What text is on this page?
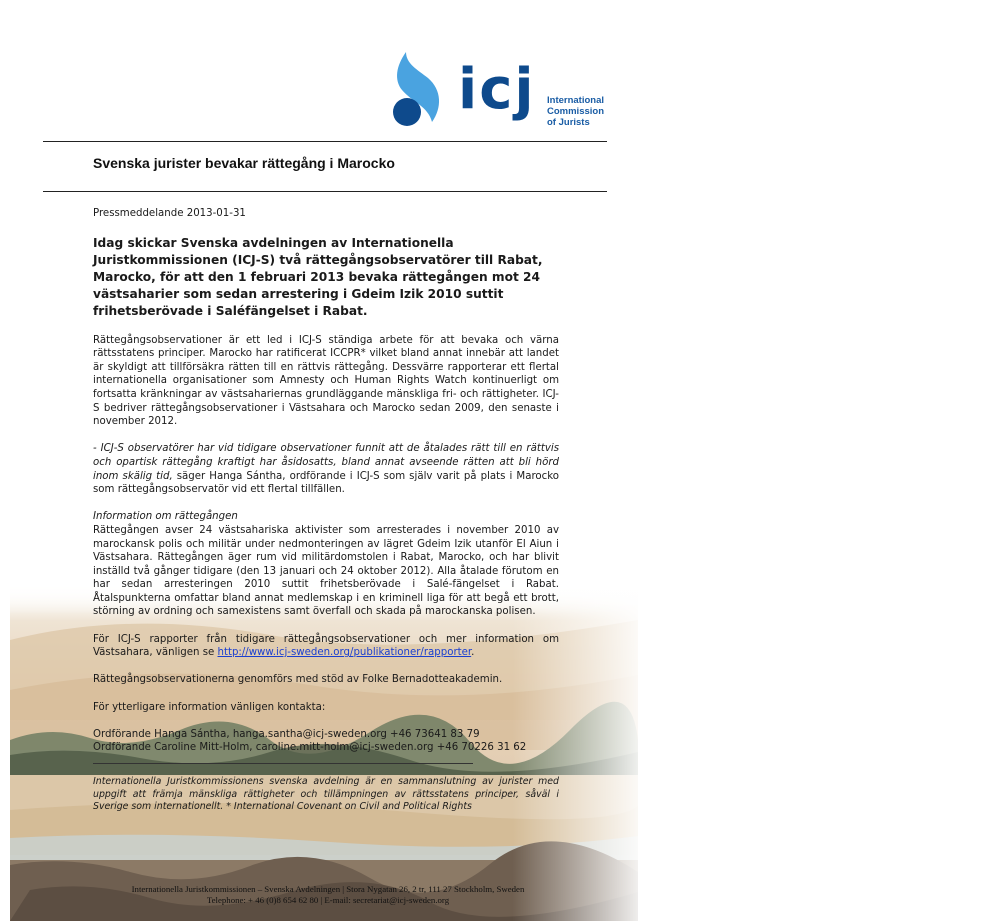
icj International
Commission
of Jurists
Svenska jurister bevakar rättegång i Marocko

Pressmeddelande 2013-01-31

Idag skickar Svenska avdelningen av Internationella Juristkommissionen (ICJ-S) två rättegångsobservatörer till Rabat, Marocko, för att den 1 februari 2013 bevaka rättegången mot 24 västsaharier som sedan arrestering i Gdeim Izik 2010 suttit frihetsberövade i Saléfängelset i Rabat.

Rättegångsobservationer är ett led i ICJ-S ständiga arbete för att bevaka och värna rättsstatens principer. Marocko har ratificerat ICCPR* vilket bland annat innebär att landet är skyldigt att tillförsäkra rätten till en rättvis rättegång. Dessvärre rapporterar ett flertal internationella organisationer som Amnesty och Human Rights Watch kontinuerligt om fortsatta kränkningar av västsahariernas grundläggande mänskliga fri- och rättigheter. ICJ-S bedriver rättegångsobservationer i Västsahara och Marocko sedan 2009, den senaste i november 2012.

- ICJ-S observatörer har vid tidigare observationer funnit att de åtalades rätt till en rättvis och opartisk rättegång kraftigt har åsidosatts, bland annat avseende rätten att bli hörd inom skälig tid, säger Hanga Sántha, ordförande i ICJ-S som själv varit på plats i Marocko som rättegångsobservatör vid ett flertal tillfällen.

Information om rättegången
Rättegången avser 24 västsahariska aktivister som arresterades i november 2010 av marockansk polis och militär under nedmonteringen av lägret Gdeim Izik utanför El Aiun i Västsahara. Rättegången äger rum vid militärdomstolen i Rabat, Marocko, och har blivit inställd två gånger tidigare (den 13 januari och 24 oktober 2012). Alla åtalade förutom en har sedan arresteringen 2010 suttit frihetsberövade i Salé-fängelset i Rabat. Åtalspunkterna omfattar bland annat medlemskap i en kriminell liga för att begå ett brott, störning av ordning och samexistens samt överfall och skada på marockanska polisen.

För ICJ-S rapporter från tidigare rättegångsobservationer och mer information om Västsahara, vänligen se http://www.icj-sweden.org/publikationer/rapporter.

Rättegångsobservationerna genomförs med stöd av Folke Bernadotteakademin.

För ytterligare information vänligen kontakta:

Ordförande Hanga Sántha, hanga.santha@icj-sweden.org +46 73641 83 79

Ordförande Caroline Mitt-Holm, caroline.mitt-holm@icj-sweden.org +46 70226 31 62

Internationella Juristkommissionens svenska avdelning är en sammanslutning av jurister med uppgift att främja mänskliga rättigheter och tillämpningen av rättsstatens principer, såväl i Sverige som internationellt. * International Covenant on Civil and Political Rights

Internationella Juristkommissionen – Svenska Avdelningen | Stora Nygatan 26, 2 tr, 111 27 Stockholm, Sweden
Telephone: + 46 (0)8 654 62 80 | E-mail: secretariat@icj-sweden.org
